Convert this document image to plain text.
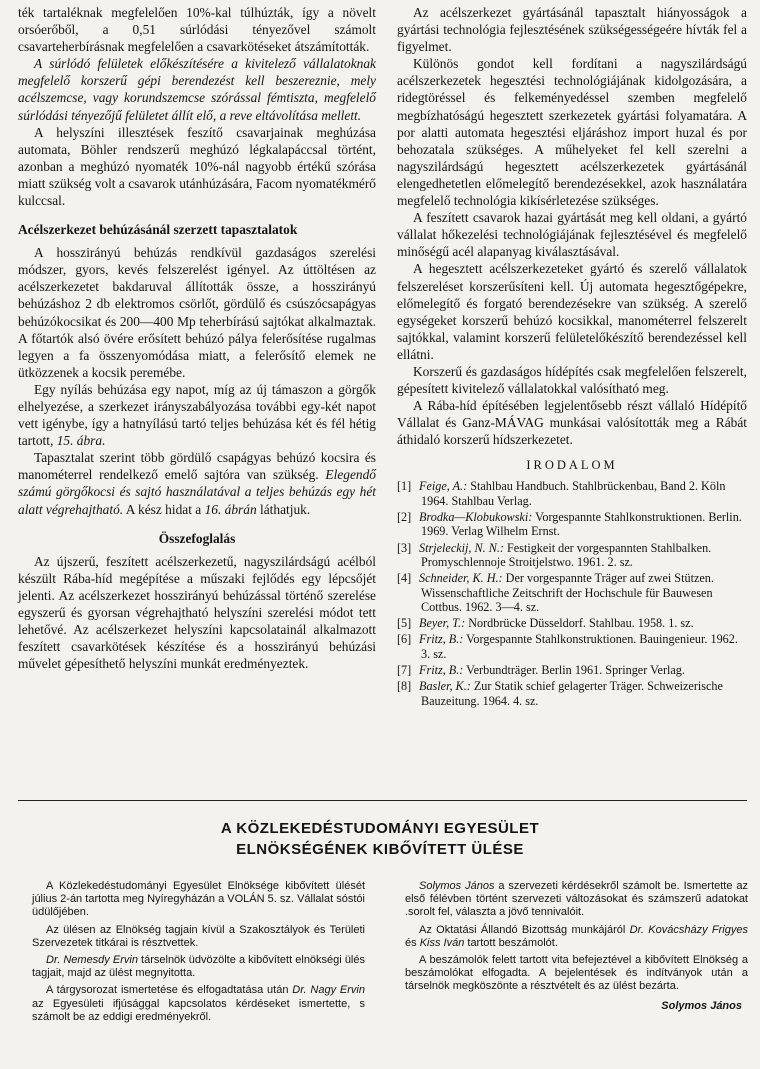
ték tartaléknak megfelelően 10%-kal túlhúzták, így a növelt orsóerőből, a 0,51 súrlódási tényezővel számolt csavarteherbírásnak megfelelően a csavarkötéseket átszámították.

A súrlódó felületek előkészítésére a kivitelező vállalatoknak megfelelő korszerű gépi berendezést kell beszereznie, mely acélszemcse, vagy korundszemcse szórással fémtiszta, megfelelő súrlódási tényezőjű felületet állít elő, a reve eltávolítása mellett.

A helyszíni illesztések feszítő csavarjainak meghúzása automata, Böhler rendszerű meghúzó légkalapáccsal történt, azonban a meghúzó nyomaték 10%-nál nagyobb értékű szórása miatt szükség volt a csavarok utánhúzására, Facom nyomatékmérő kulccsal.

Acélszerkezet behúzásánál szerzett tapasztalatok

A hosszirányú behúzás rendkívül gazdaságos szerelési módszer, gyors, kevés felszerelést igényel. Az úttöltésen az acélszerkezetet bakdaruval állították össze, a hosszirányú behúzáshoz 2 db elektromos csörlőt, gördülő és csúszócsapágyas behúzókocsikat és 200—400 Mp teherbírású sajtókat alkalmaztak. A főtartók alsó övére erősített behúzó pálya felerősítése rugalmas legyen a fa összenyomódása miatt, a felerősítő elemek ne ütközzenek a kocsik peremébe.

Egy nyílás behúzása egy napot, míg az új támaszon a görgők elhelyezése, a szerkezet irányszabályozása további egy-két napot vett igénybe, így a hatnyílású tartó teljes behúzása két és fél hétig tartott, 15. ábra.

Tapasztalat szerint több gördülő csapágyas behúzó kocsira és manométerrel rendelkező emelő sajtóra van szükség. Elegendő számú görgőkocsi és sajtó használatával a teljes behúzás egy hét alatt végrehajtható. A kész hidat a 16. ábrán láthatjuk.

Összefoglalás

Az újszerű, feszített acélszerkezetű, nagyszilárdságú acélból készült Rába-híd megépítése a műszaki fejlődés egy lépcsőjét jelenti. Az acélszerkezet hosszirányú behúzással történő szerelése egyszerű és gyorsan végrehajtható helyszíni szerelési módot tett lehetővé. Az acélszerkezet helyszíni kapcsolatainál alkalmazott feszített csavarkötések készítése és a hosszirányú behúzási művelet gépesíthető helyszíni munkát eredményeztek.

Az acélszerkezet gyártásánál tapasztalt hiányosságok a gyártási technológia fejlesztésének szükségességeére hívták fel a figyelmet.

Különös gondot kell fordítani a nagyszilárdságú acélszerkezetek hegesztési technológiájának kidolgozására, a ridegtöréssel és felkeményedéssel szemben megfelelő megbízhatóságú hegesztett szerkezetek gyártási folyamatára. A por alatti automata hegesztési eljáráshoz import huzal és por behozatala szükséges. A műhelyeket fel kell szerelni a nagyszilárdságú hegesztett acélszerkezetek gyártásánál elengedhetetlen előmelegítő berendezésekkel, azok használatára megfelelő technológia kikísérletezése szükséges.

A feszített csavarok hazai gyártását meg kell oldani, a gyártó vállalat hőkezelési technológiájának fejlesztésével és megfelelő minőségű acél alapanyag kiválasztásával.

A hegesztett acélszerkezeteket gyártó és szerelő vállalatok felszereléset korszerűsíteni kell. Új automata hegesztőgépekre, előmelegítő és forgató berendezésekre van szükség. A szerelő egységeket korszerű behúzó kocsikkal, manométerrel felszerelt sajtókkal, valamint korszerű felületelőkészítő berendezéssel kell ellátni.

Korszerű és gazdaságos hídépítés csak megfelelően felszerelt, gépesített kivitelező vállalatokkal valósítható meg.

A Rába-híd építésében legjelentősebb részt vállaló Hídépítő Vállalat és Ganz-MÁVAG munkásai valósították meg a Rábát áthidaló korszerű hídszerkezetet.

IRODALOM

[1] Feige, A.: Stahlbau Handbuch. Stahlbrückenbau, Band 2. Köln 1964. Stahlbau Verlag.

[2] Brodka—Klobukowski: Vorgespannte Stahlkonstruktionen. Berlin. 1969. Verlag Wilhelm Ernst.

[3] Strjeleckij, N. N.: Festigkeit der vorgespannten Stahlbalken. Promyschlennoje Stroitjelstwo. 1961. 2. sz.

[4] Schneider, K. H.: Der vorgespannte Träger auf zwei Stützen. Wissenschaftliche Zeitschrift der Hochschule für Bauwesen Cottbus. 1962. 3—4. sz.

[5] Beyer, T.: Nordbrücke Düsseldorf. Stahlbau. 1958. 1. sz.

[6] Fritz, B.: Vorgespannte Stahlkonstruktionen. Bauingenieur. 1962. 3. sz.

[7] Fritz, B.: Verbundträger. Berlin 1961. Springer Verlag.

[8] Basler, K.: Zur Statik schief gelagerter Träger. Schweizerische Bauzeitung. 1964. 4. sz.

A KÖZLEKEDÉSTUDOMÁNYI EGYESÜLET
ELNÖKSÉGÉNEK KIBŐVÍTETT ÜLÉSE

A Közlekedéstudományi Egyesület Elnöksége kibővített ülését július 2-án tartotta meg Nyíregyházán a VOLÁN 5. sz. Vállalat sóstói üdülőjében.

Az ülésen az Elnökség tagjain kívül a Szakosztályok és Területi Szervezetek titkárai is résztvettek.

Dr. Nemesdy Ervin társelnök üdvözölte a kibővített elnökségi ülés tagjait, majd az ülést megnyitotta.

A tárgysorozat ismertetése és elfogadtatása után Dr. Nagy Ervin az Egyesületi ifjúsággal kapcsolatos kérdéseket ismertette, s számolt be az eddigi eredményekről.

Solymos János a szervezeti kérdésekről számolt be. Ismertette az első félévben történt szervezeti változásokat és számszerű adatokat .sorolt fel, választa a jövő tennivalóit.

Az Oktatási Állandó Bizottság munkájáról Dr. Kovácsházy Frigyes és Kiss Iván tartott beszámolót.

A beszámolók felett tartott vita befejeztével a kibővített Elnökség a beszámolókat elfogadta. A bejelentések és indítványok után a társelnök megköszönte a résztvételt és az ülést bezárta.

Solymos János
